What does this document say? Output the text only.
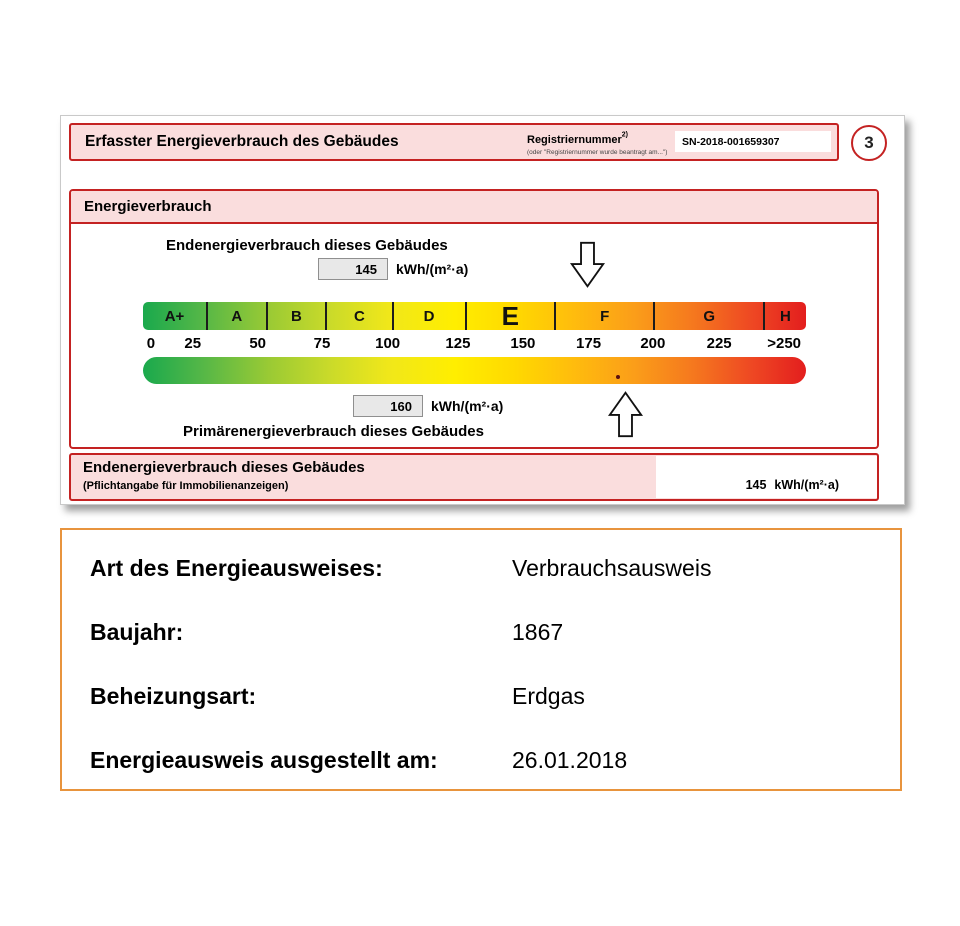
Erfasster Energieverbrauch des Gebäudes	Registriernummer$^{2)}$
(oder "Registriernummer wurde beantragt am...")
SN-2018-001659307	3
Energieverbrauch
Endenergieverbrauch dieses Gebäudes
145 kWh/(m²·a)
A+	A	B	C	D	E	F	G	H
0 25	50	75	100	125	150	175	200	225 >250
160 kWh/(m²·a)
Primärenergieverbrauch dieses Gebäudes
Endenergieverbrauch dieses Gebäudes
(Pflichtangabe für Immobilienanzeigen)	145 kWh/(m²·a)
Art des Energieausweises:	Verbrauchsausweis
Baujahr:	1867
Beheizungsart:	Erdgas
Energieausweis ausgestellt am:	26.01.2018
